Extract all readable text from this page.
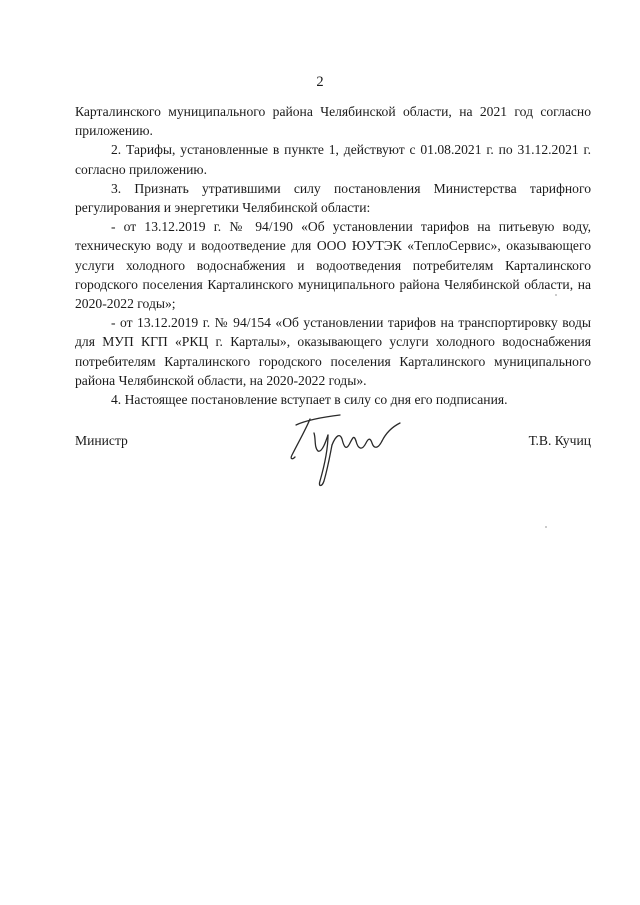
2

Карталинского муниципального района Челябинской области, на 2021 год согласно приложению.

2. Тарифы, установленные в пункте 1, действуют с 01.08.2021 г. по 31.12.2021 г. согласно приложению.

3. Признать утратившими силу постановления Министерства тарифного регулирования и энергетики Челябинской области:

- от 13.12.2019 г. № 94/190 «Об установлении тарифов на питьевую воду, техническую воду и водоотведение для ООО ЮУТЭК «ТеплоСервис», оказывающего услуги холодного водоснабжения и водоотведения потребителям Карталинского городского поселения Карталинского муниципального района Челябинской области, на 2020-2022 годы»;

- от 13.12.2019 г. № 94/154 «Об установлении тарифов на транспортировку воды для МУП КГП «РКЦ г. Карталы», оказывающего услуги холодного водоснабжения потребителям Карталинского городского поселения Карталинского муниципального района Челябинской области, на 2020-2022 годы».

4. Настоящее постановление вступает в силу со дня его подписания.

Министр	Т.В. Кучиц
